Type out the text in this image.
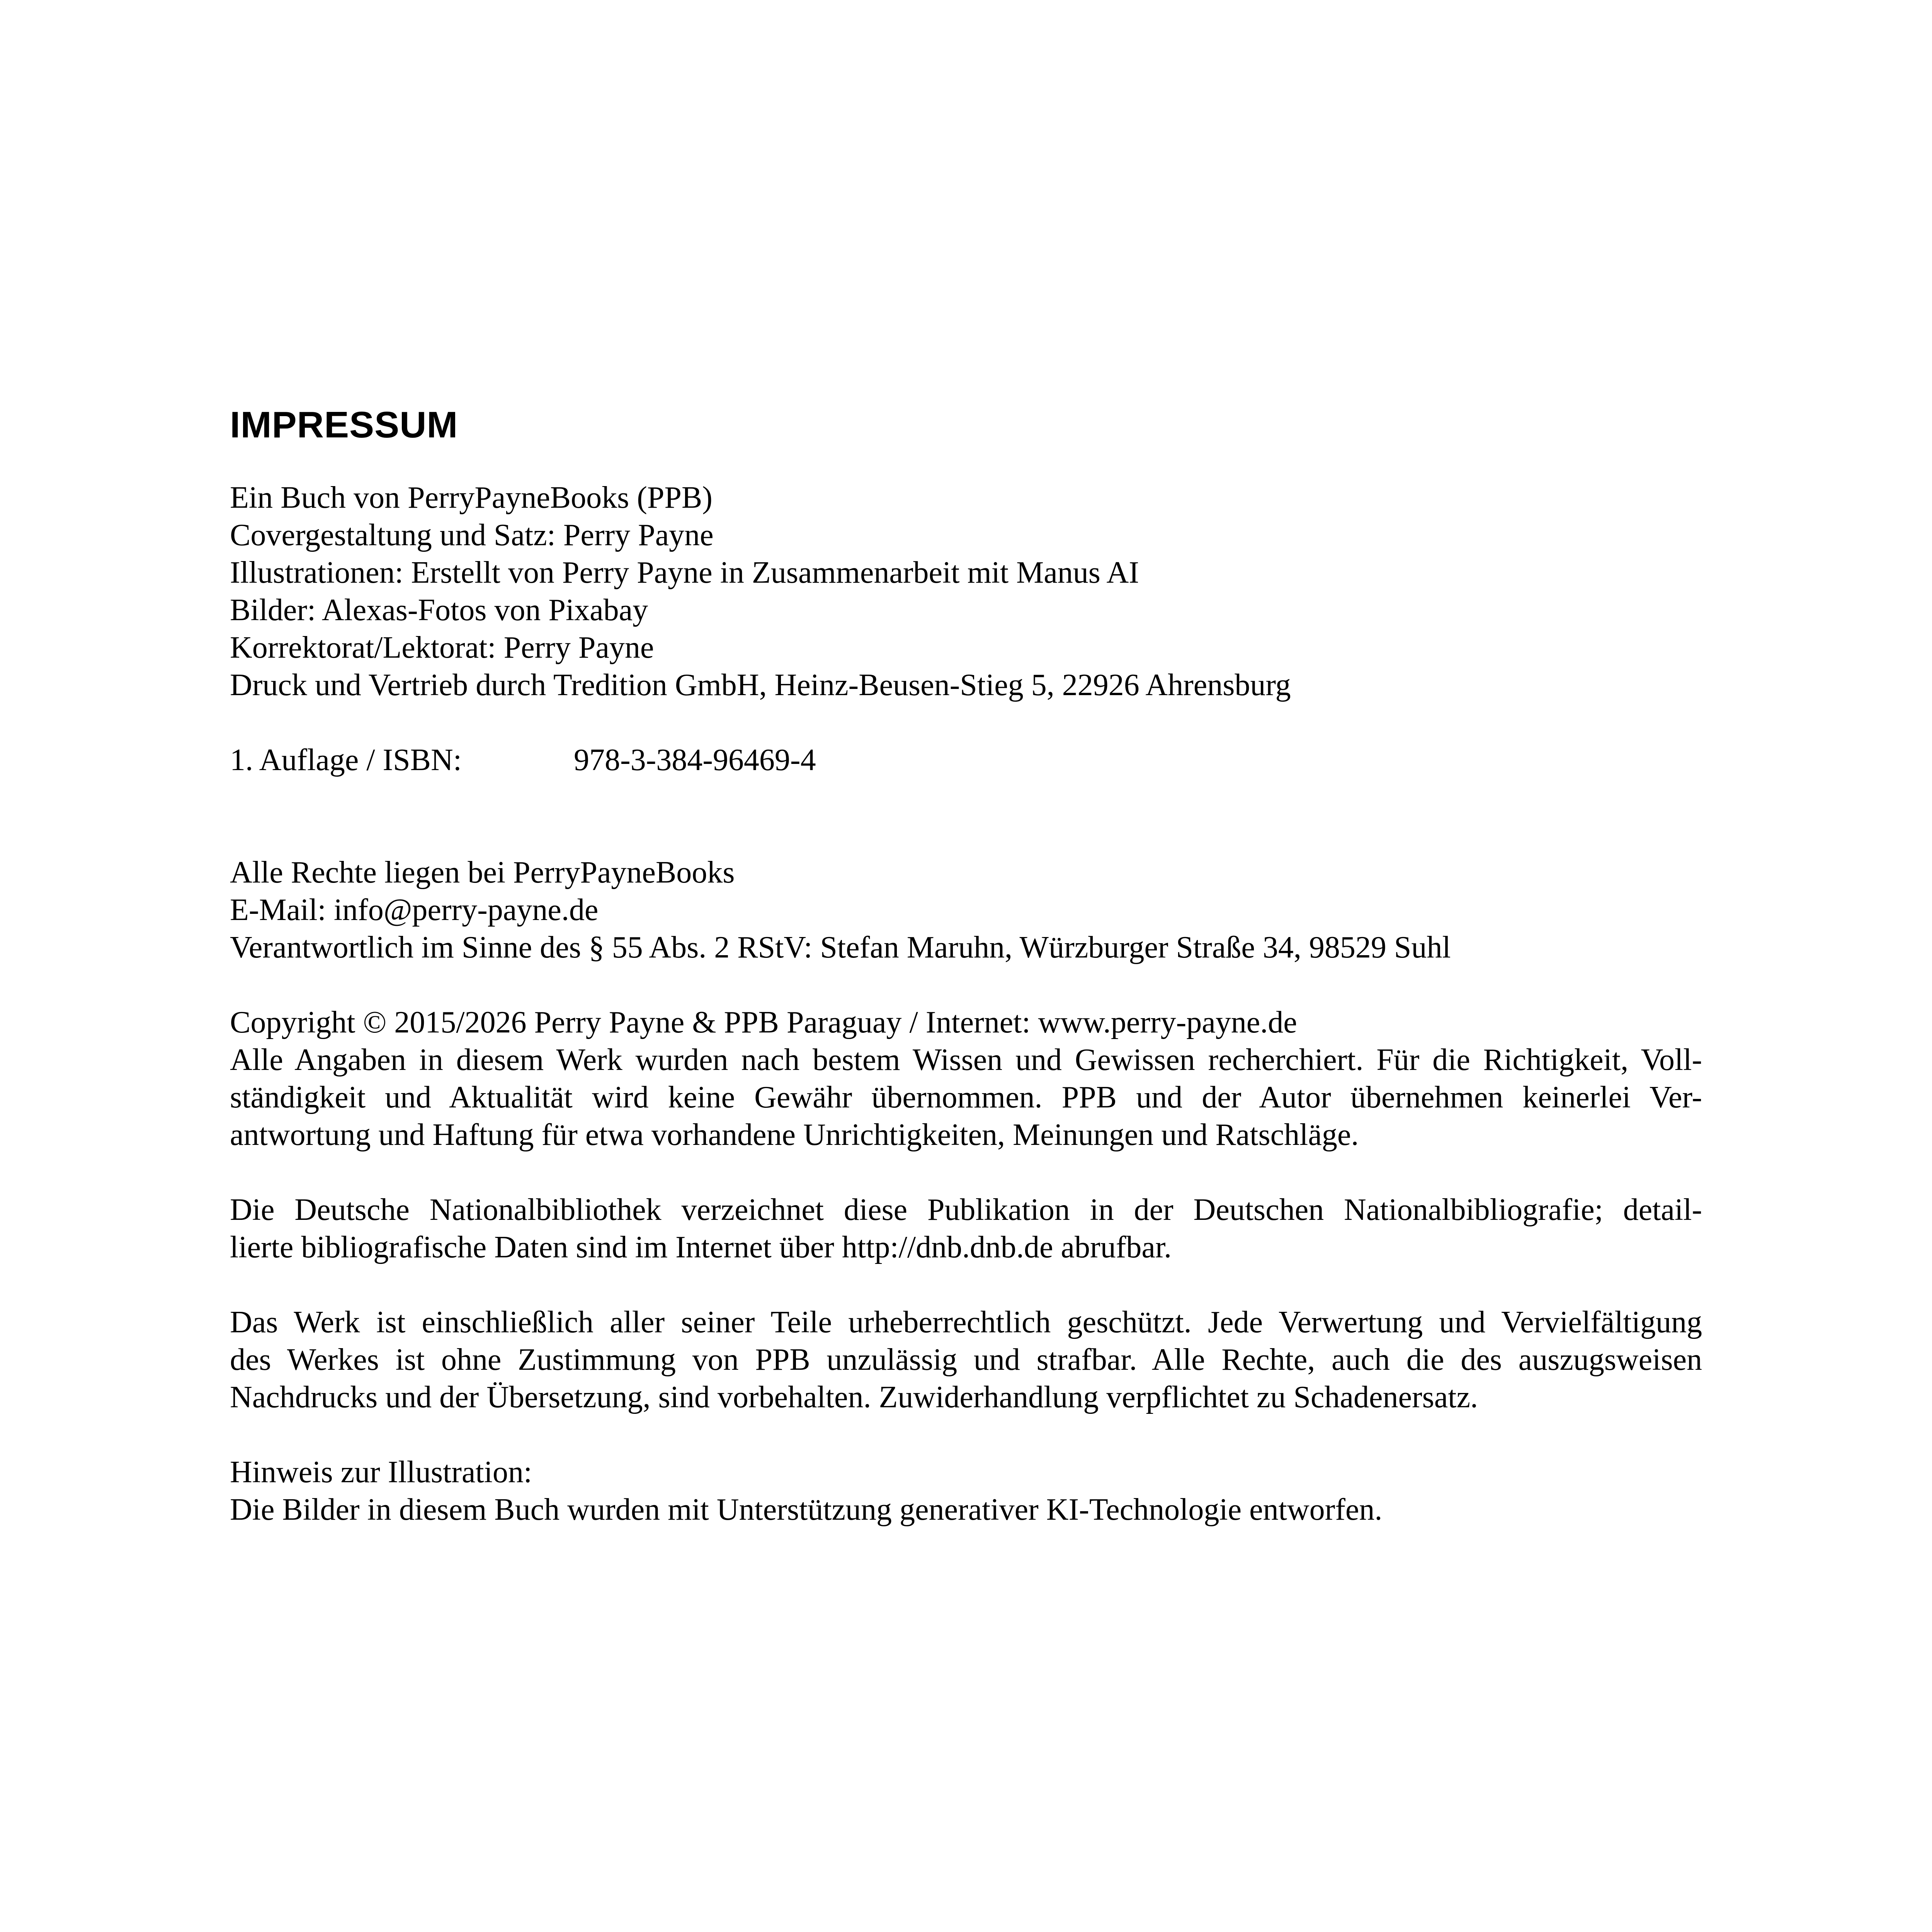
IMPRESSUM
Ein Buch von PerryPayneBooks (PPB)
Covergestaltung und Satz: Perry Payne
Illustrationen: Erstellt von Perry Payne in Zusammenarbeit mit Manus AI
Bilder: Alexas-Fotos von Pixabay
Korrektorat/Lektorat: Perry Payne
Druck und Vertrieb durch Tredition GmbH, Heinz-Beusen-Stieg 5, 22926 Ahrensburg
1. Auflage / ISBN:	978-3-384-96469-4
Alle Rechte liegen bei PerryPayneBooks
E-Mail: info@perry-payne.de
Verantwortlich im Sinne des § 55 Abs. 2 RStV: Stefan Maruhn, Würzburger Straße 34, 98529 Suhl
Copyright © 2015/2026 Perry Payne & PPB Paraguay / Internet: www.perry-payne.de
Alle Angaben in diesem Werk wurden nach bestem Wissen und Gewissen recherchiert. Für die Richtigkeit, Voll-
ständigkeit und Aktualität wird keine Gewähr übernommen. PPB und der Autor übernehmen keinerlei Ver-
antwortung und Haftung für etwa vorhandene Unrichtigkeiten, Meinungen und Ratschläge.
Die Deutsche Nationalbibliothek verzeichnet diese Publikation in der Deutschen Nationalbibliografie; detail-
lierte bibliografische Daten sind im Internet über http://dnb.dnb.de abrufbar.
Das Werk ist einschließlich aller seiner Teile urheberrechtlich geschützt. Jede Verwertung und Vervielfältigung
des Werkes ist ohne Zustimmung von PPB unzulässig und strafbar. Alle Rechte, auch die des auszugsweisen
Nachdrucks und der Übersetzung, sind vorbehalten. Zuwiderhandlung verpflichtet zu Schadenersatz.
Hinweis zur Illustration:
Die Bilder in diesem Buch wurden mit Unterstützung generativer KI-Technologie entworfen.
